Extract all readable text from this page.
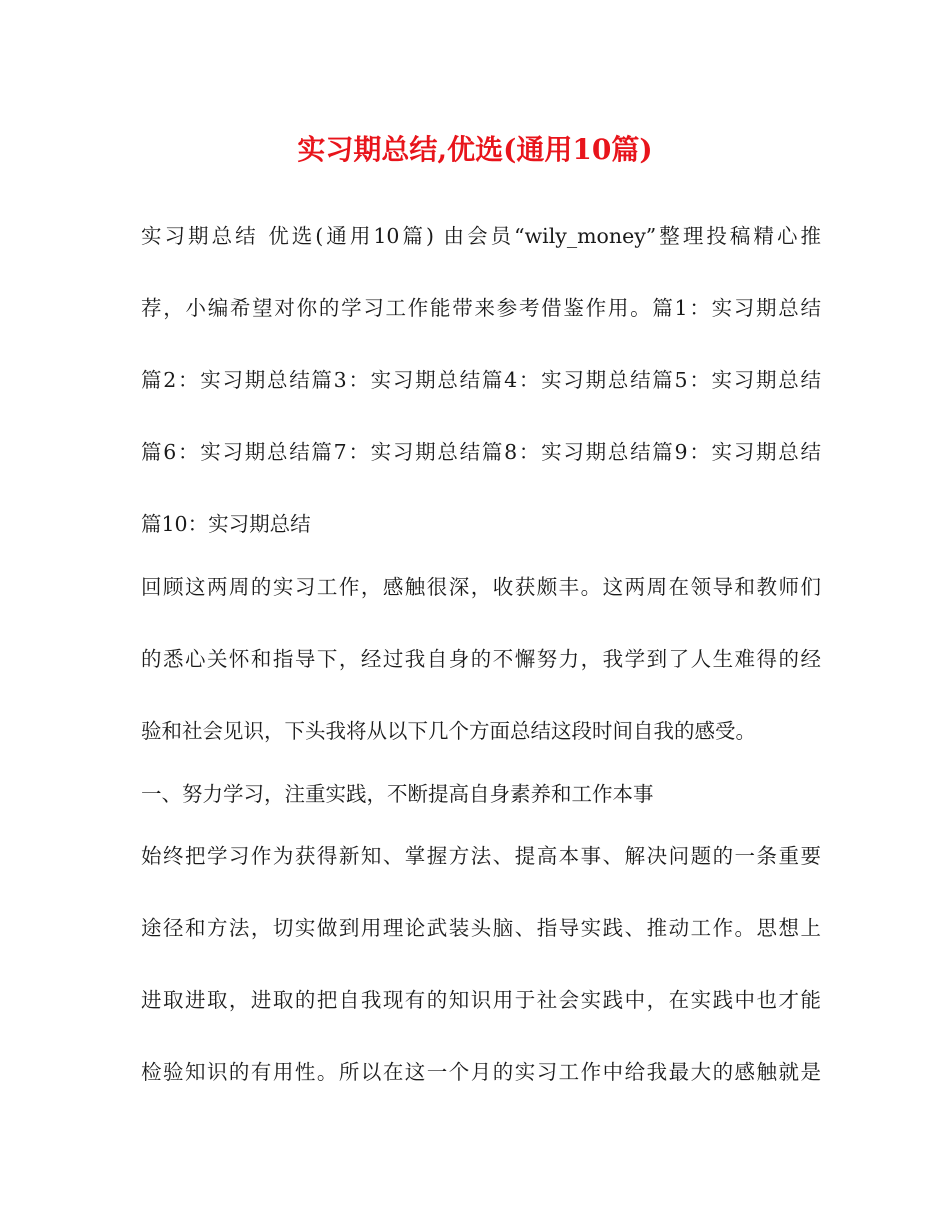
实习期总结,优选(通用10篇)
实习期总结 优选(通用10篇) 由会员“wily_money”整理投稿精心推
荐，小编希望对你的学习工作能带来参考借鉴作用。篇1：实习期总结
篇2：实习期总结篇3：实习期总结篇4：实习期总结篇5：实习期总结
篇6：实习期总结篇7：实习期总结篇8：实习期总结篇9：实习期总结
篇10：实习期总结
回顾这两周的实习工作，感触很深，收获颇丰。这两周在领导和教师们
的悉心关怀和指导下，经过我自身的不懈努力，我学到了人生难得的经
验和社会见识，下头我将从以下几个方面总结这段时间自我的感受。
一、努力学习，注重实践，不断提高自身素养和工作本事
始终把学习作为获得新知、掌握方法、提高本事、解决问题的一条重要
途径和方法，切实做到用理论武装头脑、指导实践、推动工作。思想上
进取进取，进取的把自我现有的知识用于社会实践中，在实践中也才能
检验知识的有用性。所以在这一个月的实习工作中给我最大的感触就是
